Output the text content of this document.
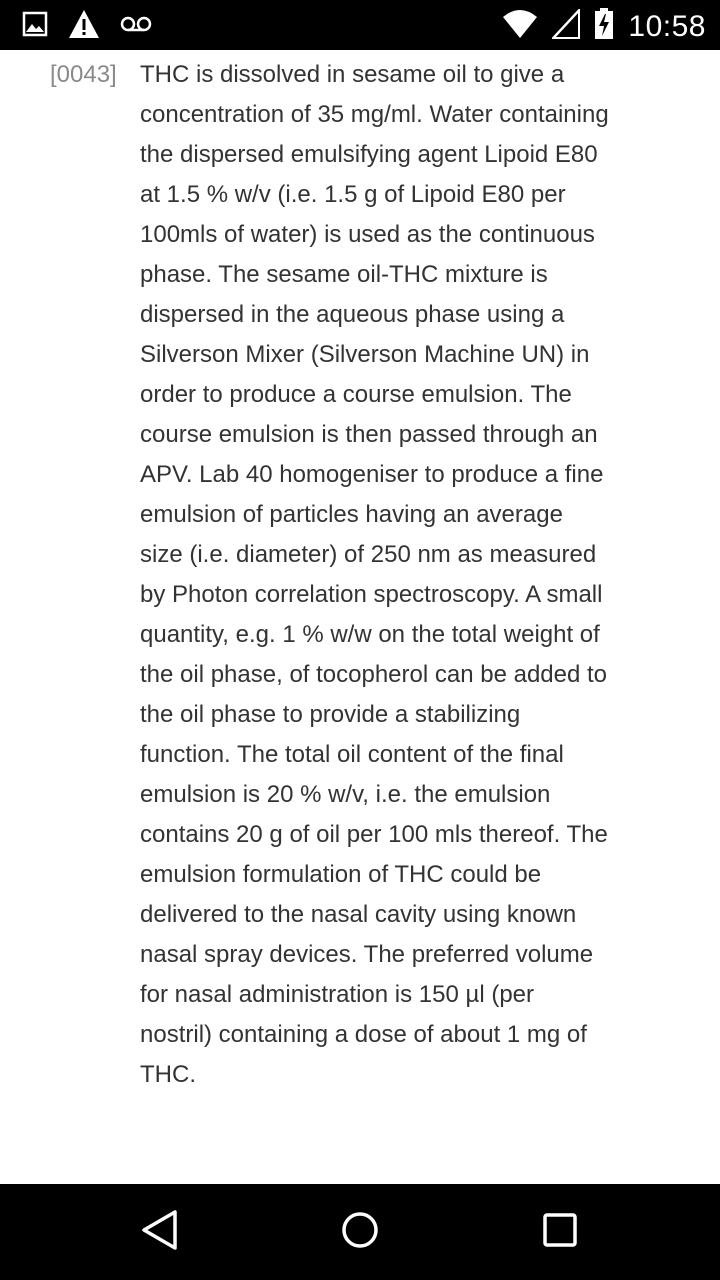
10:58
[0043] THC is dissolved in sesame oil to give a concentration of 35 mg/ml. Water containing the dispersed emulsifying agent Lipoid E80 at 1.5 % w/v (i.e. 1.5 g of Lipoid E80 per 100mls of water) is used as the continuous phase. The sesame oil-THC mixture is dispersed in the aqueous phase using a Silverson Mixer (Silverson Machine UN) in order to produce a course emulsion. The course emulsion is then passed through an APV. Lab 40 homogeniser to produce a fine emulsion of particles having an average size (i.e. diameter) of 250 nm as measured by Photon correlation spectroscopy. A small quantity, e.g. 1 % w/w on the total weight of the oil phase, of tocopherol can be added to the oil phase to provide a stabilizing function. The total oil content of the final emulsion is 20 % w/v, i.e. the emulsion contains 20 g of oil per 100 mls thereof. The emulsion formulation of THC could be delivered to the nasal cavity using known nasal spray devices. The preferred volume for nasal administration is 150 µl (per nostril) containing a dose of about 1 mg of THC.
